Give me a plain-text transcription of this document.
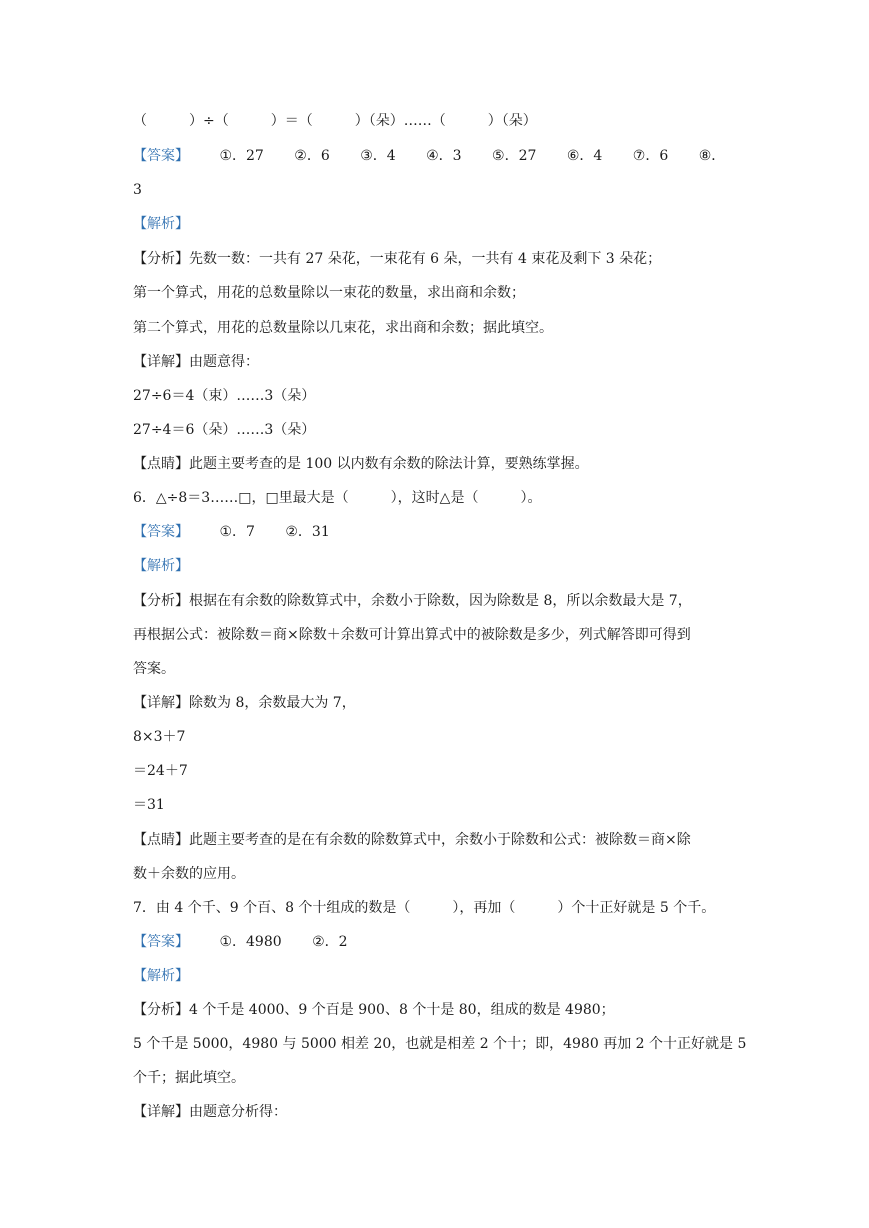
（　　　）÷（　　　）＝（　　　）（朵）……（　　　）（朵）
【答案】 ①．27 ②．6 ③．4 ④．3 ⑤．27 ⑥．4 ⑦．6 ⑧．
3
【解析】
【分析】先数一数：一共有 27 朵花，一束花有 6 朵，一共有 4 束花及剩下 3 朵花；
第一个算式，用花的总数量除以一束花的数量，求出商和余数；
第二个算式，用花的总数量除以几束花，求出商和余数；据此填空。
【详解】由题意得：
27÷6＝4（束）……3（朵）
27÷4＝6（朵）……3（朵）
【点睛】此题主要考查的是 100 以内数有余数的除法计算，要熟练掌握。
6．△÷8＝3……□，□里最大是（　　　），这时△是（　　　）。
【答案】 ①．7 ②．31
【解析】
【分析】根据在有余数的除数算式中，余数小于除数，因为除数是 8，所以余数最大是 7，
再根据公式：被除数＝商×除数＋余数可计算出算式中的被除数是多少，列式解答即可得到
答案。
【详解】除数为 8，余数最大为 7，
8×3＋7
＝24＋7
＝31
【点睛】此题主要考查的是在有余数的除数算式中，余数小于除数和公式：被除数＝商×除
数＋余数的应用。
7．由 4 个千、9 个百、8 个十组成的数是（　　　），再加（　　　）个十正好就是 5 个千。
【答案】 ①．4980 ②．2
【解析】
【分析】4 个千是 4000、9 个百是 900、8 个十是 80，组成的数是 4980；
5 个千是 5000，4980 与 5000 相差 20，也就是相差 2 个十；即，4980 再加 2 个十正好就是 5
个千；据此填空。
【详解】由题意分析得：
